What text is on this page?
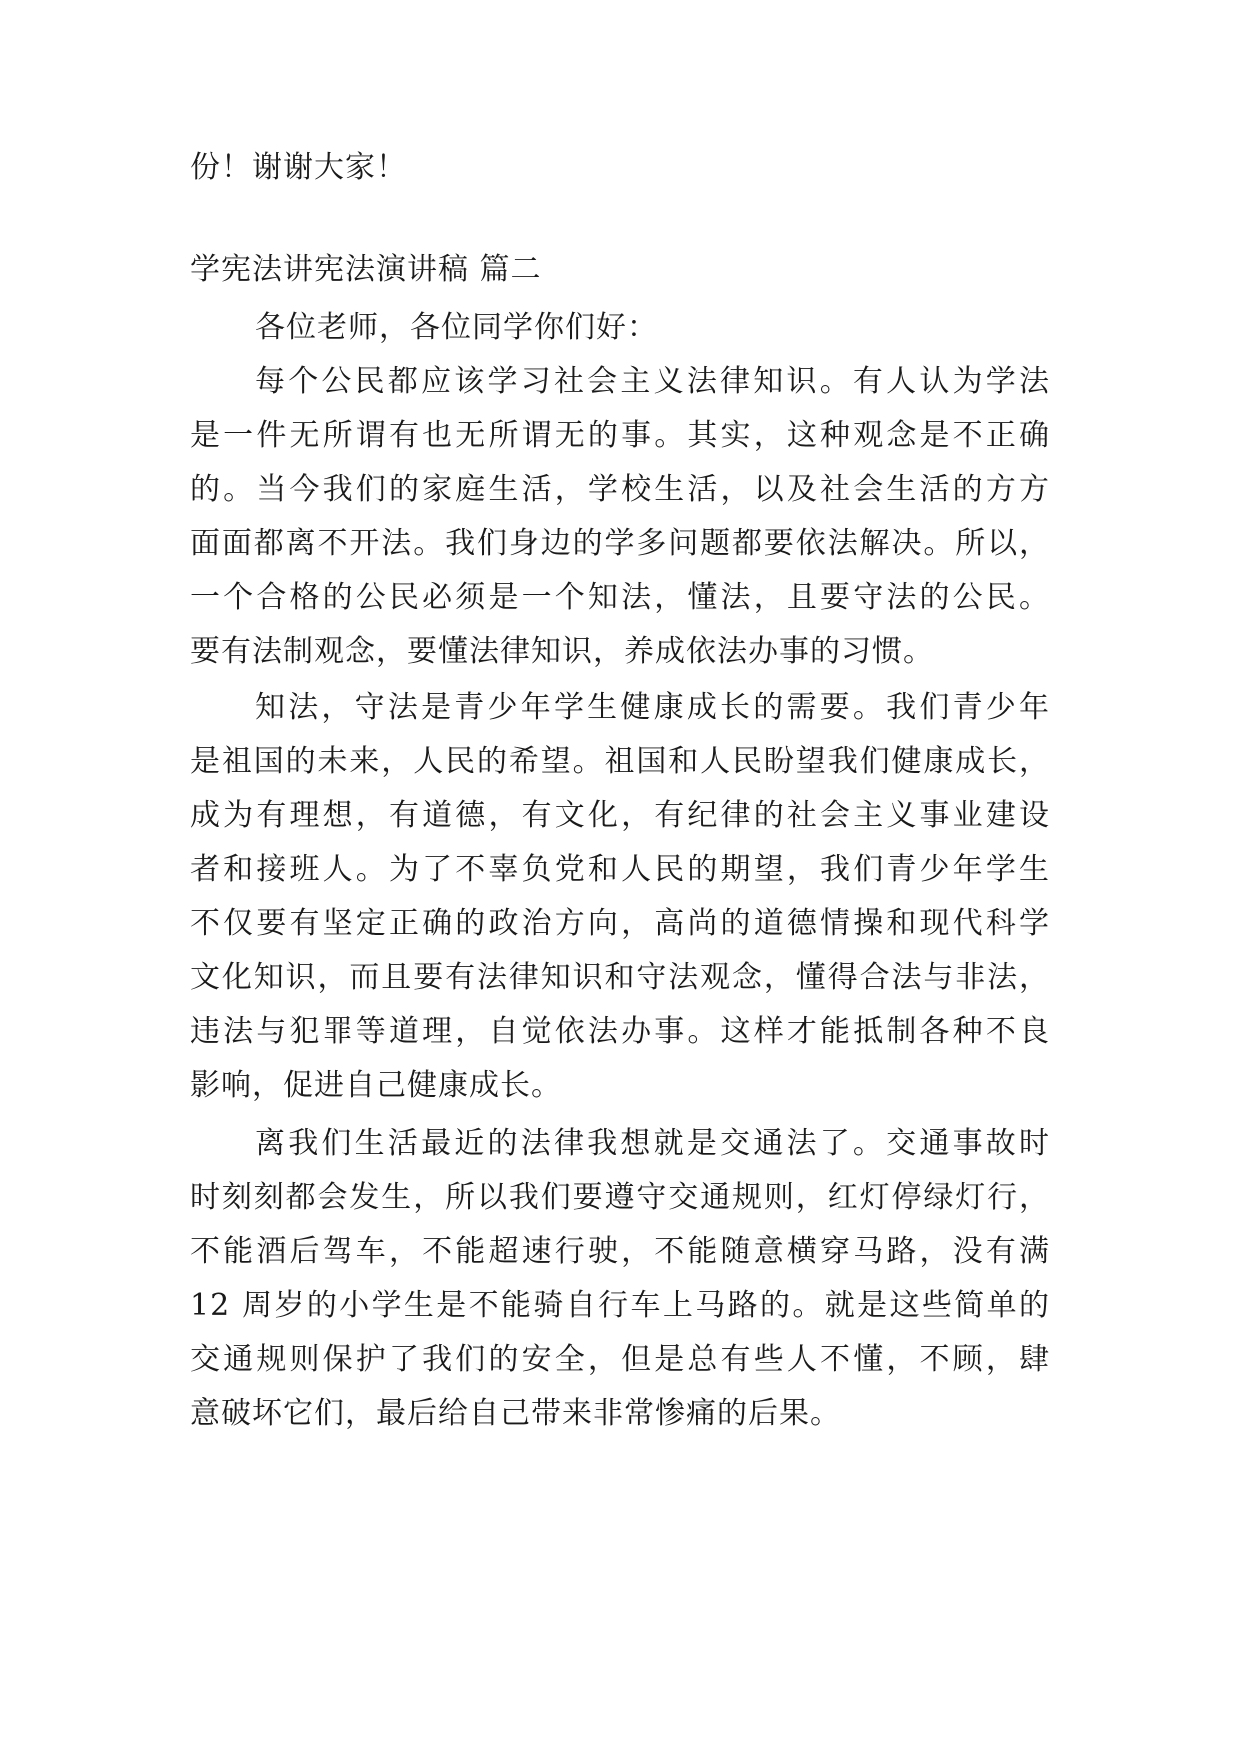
份！谢谢大家！
学宪法讲宪法演讲稿 篇二
各位老师，各位同学你们好：
每个公民都应该学习社会主义法律知识。有人认为学法
是一件无所谓有也无所谓无的事。其实，这种观念是不正确
的。当今我们的家庭生活，学校生活，以及社会生活的方方
面面都离不开法。我们身边的学多问题都要依法解决。所以，
一个合格的公民必须是一个知法，懂法，且要守法的公民。
要有法制观念，要懂法律知识，养成依法办事的习惯。
知法，守法是青少年学生健康成长的需要。我们青少年
是祖国的未来，人民的希望。祖国和人民盼望我们健康成长，
成为有理想，有道德，有文化，有纪律的社会主义事业建设
者和接班人。为了不辜负党和人民的期望，我们青少年学生
不仅要有坚定正确的政治方向，高尚的道德情操和现代科学
文化知识，而且要有法律知识和守法观念，懂得合法与非法，
违法与犯罪等道理，自觉依法办事。这样才能抵制各种不良
影响，促进自己健康成长。
离我们生活最近的法律我想就是交通法了。交通事故时
时刻刻都会发生，所以我们要遵守交通规则，红灯停绿灯行，
不能酒后驾车，不能超速行驶，不能随意横穿马路，没有满
12 周岁的小学生是不能骑自行车上马路的。就是这些简单的
交通规则保护了我们的安全，但是总有些人不懂，不顾，肆
意破坏它们，最后给自己带来非常惨痛的后果。
